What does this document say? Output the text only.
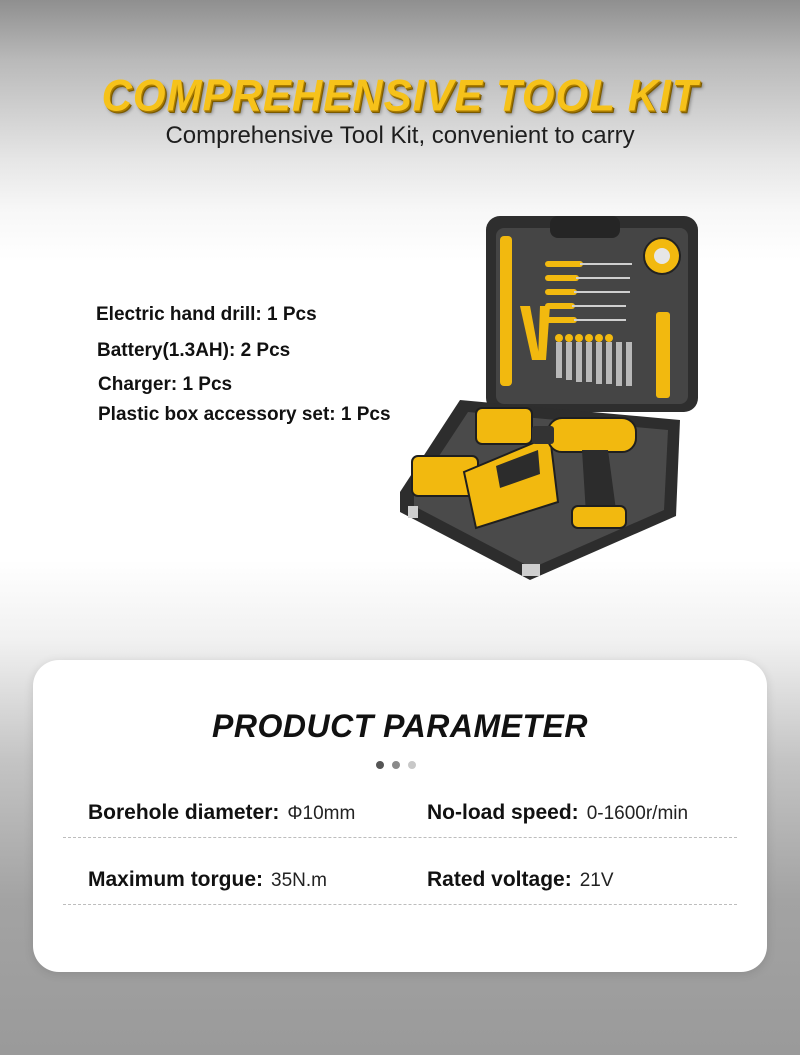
COMPREHENSIVE TOOL KIT
Comprehensive Tool Kit, convenient to carry
Electric hand drill: 1 Pcs
Battery(1.3AH): 2 Pcs
Charger: 1 Pcs
Plastic box accessory set: 1 Pcs
PRODUCT PARAMETER
Borehole diameter: Φ10mm	No-load speed: 0-1600r/min
Maximum torgue: 35N.m	Rated voltage: 21V
